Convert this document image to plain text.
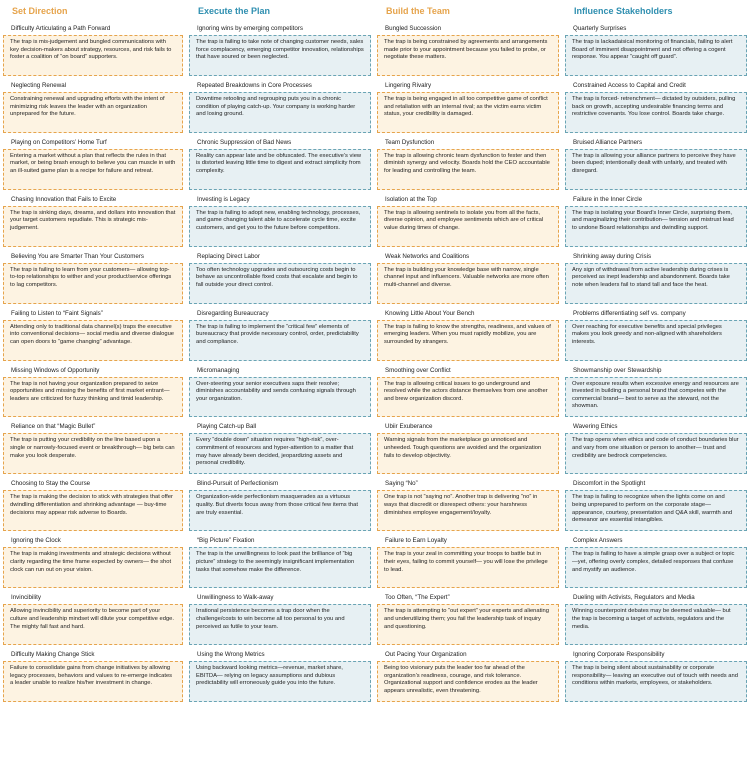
Set Direction	Execute the Plan	Build the Team	Influence Stakeholders
Difficulty Articulating a Path Forward
The trap is mis-judgement and bungled communications with key decision-makers about strategy, resources, and risk fails to foster a coalition of “on board” supporters.
Ignoring wins by emerging competitors
The trap is failing to take note of changing customer needs, sales force complacency, emerging competitor innovation, relationships that have soured or been neglected.
Bungled Succession
The trap is being constrained by agreements and arrangements made prior to your appointment because you failed to probe, or negotiate these matters.
Quarterly Surprises
The trap is lackadaisical monitoring of financials, failing to alert Board of imminent disappointment and not offering a cogent response. You appear “caught off guard”.
Neglecting Renewal
Constraining renewal and upgrading efforts with the intent of minimizing risk leaves the leader with an organization unprepared for the future.
Repeated Breakdowns in Core Processes
Downtime retooling and regrouping puts you in a chronic condition of playing catch-up. Your company is working harder and losing ground.
Lingering Rivalry
The trap is being engaged in all too competitive game of conflict and retaliation with an internal rival; as the victim earns victim status, your credibility is damaged.
Constrained Access to Capital and Credit
The trap is forced- retrenchment— dictated by outsiders, pulling back on growth, accepting undesirable financing terms and restrictive covenants. You lose control. Boards take charge.
Playing on Competitors’ Home Turf
Entering a market without a plan that reflects the rules in that market, or being brash enough to believe you can muscle in with an ill-suited game plan is a recipe for failure and retreat.
Chronic Suppression of Bad News
Reality can appear late and be obfuscated. The executive’s view is distorted leaving little time to digest and extract simplicity from complexity.
Team Dysfunction
The trap is allowing chronic team dysfunction to fester and then diminish synergy and velocity. Boards hold the CEO accountable for leading and controlling the team.
Bruised Alliance Partners
The trap is allowing your alliance partners to perceive they have been duped; intentionally dealt with unfairly, and treated with disregard.
Chasing Innovation that Fails to Excite
The trap is sinking days, dreams, and dollars into innovation that your target customers repudiate. This is strategic mis-judgement.
Investing is Legacy
The trap is failing to adopt new, enabling technology, processes, and game changing talent able to accelerate cycle time, excite customers, and get you to the future before competitors.
Isolation at the Top
The trap is allowing sentinels to isolate you from all the facts, diverse opinion, and employee sentiments which are of critical value during times of change.
Failure in the Inner Circle
The trap is isolating your Board’s Inner Circle, surprising them, and marginalizing their contribution— tension and mistrust lead to undone Board relationships and dwindling support.
Believing You are Smarter Than Your Customers
The trap is failing to learn from your customers— allowing top-to-top relationships to wither and your product/service offerings to lag competitors.
Replacing Direct Labor
Too often technology upgrades and outsourcing costs begin to behave as uncontrollable fixed costs that escalate and begin to fall outside your direct control.
Weak Networks and Coalitions
The trap is building your knowledge base with narrow, single channel input and influencers. Valuable networks are more often multi-channel and diverse.
Shrinking away during Crisis
Any sign of withdrawal from active leadership during crises is perceived as inept leadership and abandonment. Boards take note when leaders fail to stand tall and face the heat.
Failing to Listen to “Faint Signals”
Attending only to traditional data channel(s) traps the executive into conventional decisions— social media and diverse dialogue can open doors to “game changing” advantage.
Disregarding Bureaucracy
The trap is failing to implement the “critical few” elements of bureaucracy that provide necessary control, order, predictability and compliance.
Knowing Little About Your Bench
The trap is failing to know the strengths, readiness, and values of emerging leaders. When you must rapidly mobilize, you are surrounded by strangers.
Problems differentiating self vs. company
Over reaching for executive benefits and special privileges makes you look greedy and non-aligned with shareholders interests.
Missing Windows of Opportunity
The trap is not having your organization prepared to seize opportunities and missing the benefits of first market entrant— leaders are criticized for fuzzy thinking and timid leadership.
Micromanaging
Over-steering your senior executives saps their resolve; diminishes accountability and sends confusing signals through your organization.
Smoothing over Conflict
The trap is allowing critical issues to go underground and resolved while the actors distance themselves from one another and brew organization discord.
Showmanship over Stewardship
Over exposure results when excessive energy and resources are invested in building a personal brand that competes with the commercial brand— best to serve as the steward, not the showman.
Reliance on that “Magic Bullet”
The trap is putting your credibility on the line based upon a single or narrowly-focused event or breakthrough— big bets can make you look desperate.
Playing Catch-up Ball
Every “double down” situation requires “high-risk”, over-commitment of resources and hyper-attention to a matter that may have already been decided, jeopardizing assets and personal credibility.
Ubiir Exuberance
Warning signals from the marketplace go unnoticed and unheeded. Tough questions are avoided and the organization fails to develop objectivity.
Wavering Ethics
The trap opens when ethics and code of conduct boundaries blur and vary from one situation or person to another— trust and credibility are bedrock competencies.
Choosing to Stay the Course
The trap is making the decision to stick with strategies that offer dwindling differentiation and shrinking advantage — buy-time decisions may appear risk adverse to Boards.
Blind-Pursuit of Perfectionism
Organization-wide perfectionism masquerades as a virtuous quality. But diverts focus away from those critical few items that are truly essential.
Saying “No”
One trap is not “saying no”. Another trap is delivering “no” in ways that discredit or disrespect others: your harshness diminishes employee engagement/loyalty.
Discomfort in the Spotlight
The trap is failing to recognize when the lights come on and being unprepared to perform on the corporate stage— appearance, courtesy, presentation and Q&A skill, warmth and demeanor are essential intangibles.
Ignoring the Clock
The trap is making investments and strategic decisions without clarity regarding the time frame expected by owners— the shot clock can run out on your vision.
“Big Picture” Fixation
The trap is the unwillingness to look past the brilliance of “big picture” strategy to the seemingly insignificant implementation tasks that somehow make the difference.
Failure to Earn Loyalty
The trap is your zeal in committing your troops to battle but in their eyes, failing to commit yourself— you will lose the privilege to lead.
Complex Answers
The trap is failing to have a simple grasp over a subject or topic—yet, offering overly complex, detailed responses that confuse and mystify an audience.
Invincibility
Allowing invincibility and superiority to become part of your culture and leadership mindset will dilute your competitive edge. The mighty fall fast and hard.
Unwillingness to Walk-away
Irrational persistence becomes a trap door when the challenge/costs to win become all too personal to you and perceived as futile to your team.
Too Often, “The Expert”
The trap is attempting to “out expert” your experts and alienating and underutilizing them; you fail the leadership task of inquiry and questioning.
Dueling with Activists, Regulators and Media
Winning counterpoint debates may be deemed valuable— but the trap is becoming a target of activists, regulators and the media.
Difficulty Making Change Stick
Failure to consolidate gains from change initiatives by allowing legacy processes, behaviors and values to re-emerge indicates a leader unable to realize his/her investment in change.
Using the Wrong Metrics
Using backward looking metrics—revenue, market share, EBITDA— relying on legacy assumptions and dubious predictability will erroneously guide you into the future.
Out Pacing Your Organization
Being too visionary puts the leader too far ahead of the organization’s readiness, courage, and risk tolerance. Organizational support and confidence erodes as the leader appears unrealistic, even threatening.
Ignoring Corporate Responsibility
The trap is being silent about sustainability or corporate responsibility— leaving an executive out of touch with needs and conditions within markets, employees, or stakeholders.
